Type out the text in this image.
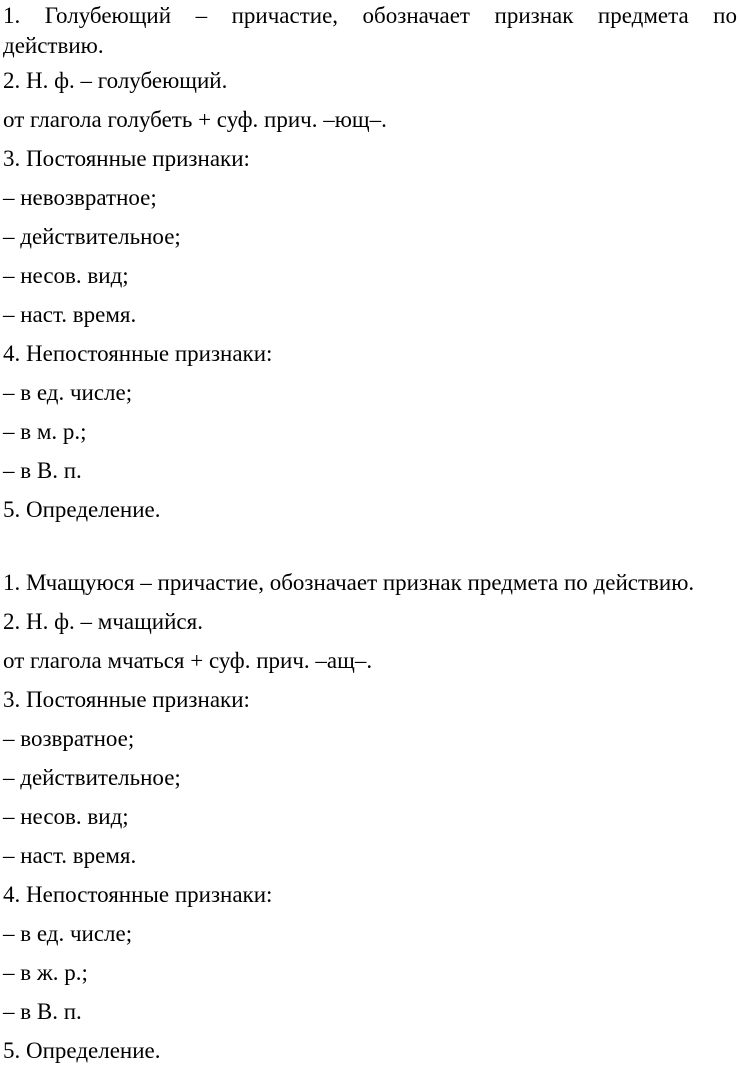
1. Голубеющий – причастие, обозначает признак предмета по
действию.
2. Н. ф. – голубеющий.
от глагола голубеть + суф. прич. –ющ–.
3. Постоянные признаки:
– невозвратное;
– действительное;
– несов. вид;
– наст. время.
4. Непостоянные признаки:
– в ед. числе;
– в м. р.;
– в В. п.
5. Определение.
1. Мчащуюся – причастие, обозначает признак предмета по действию.
2. Н. ф. – мчащийся.
от глагола мчаться + суф. прич. –ащ–.
3. Постоянные признаки:
– возвратное;
– действительное;
– несов. вид;
– наст. время.
4. Непостоянные признаки:
– в ед. числе;
– в ж. р.;
– в В. п.
5. Определение.
